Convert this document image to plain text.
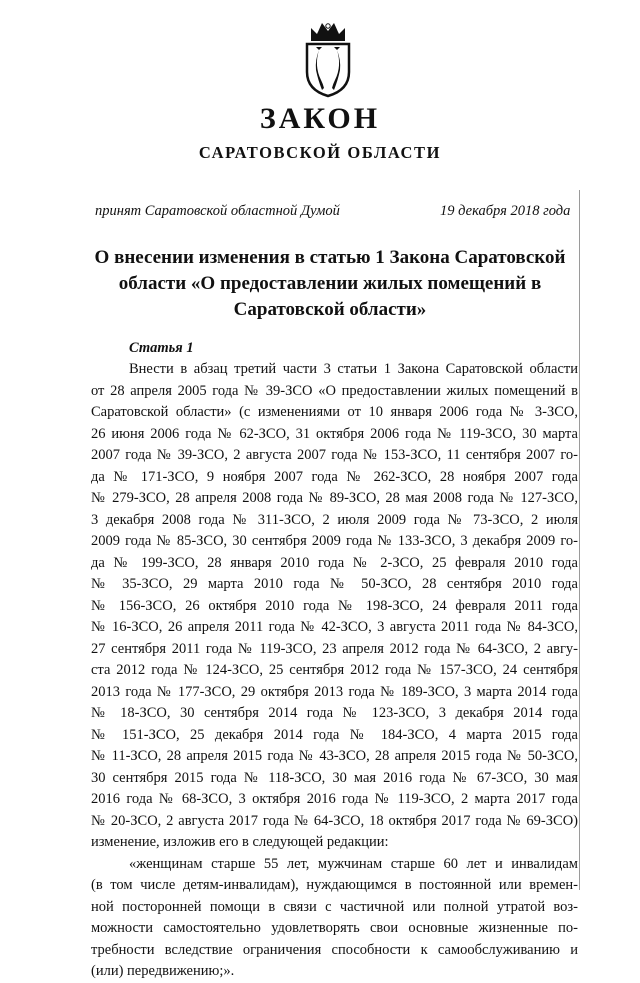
ЗАКОН
САРАТОВСКОЙ ОБЛАСТИ
принят Саратовской областной Думой	19 декабря 2018 года
О внесении изменения в статью 1 Закона Саратовской
области «О предоставлении жилых помещений в
Саратовской области»
Статья 1
Внести в абзац третий части 3 статьи 1 Закона Саратовской области
от 28 апреля 2005 года № 39-ЗСО «О предоставлении жилых помещений в
Саратовской области» (с изменениями от 10 января 2006 года № 3-ЗСО,
26 июня 2006 года № 62-ЗСО, 31 октября 2006 года № 119-ЗСО, 30 марта
2007 года № 39-ЗСО, 2 августа 2007 года № 153-ЗСО, 11 сентября 2007 го-
да № 171-ЗСО, 9 ноября 2007 года № 262-ЗСО, 28 ноября 2007 года
№ 279-ЗСО, 28 апреля 2008 года № 89-ЗСО, 28 мая 2008 года № 127-ЗСО,
3 декабря 2008 года № 311-ЗСО, 2 июля 2009 года № 73-ЗСО, 2 июля
2009 года № 85-ЗСО, 30 сентября 2009 года № 133-ЗСО, 3 декабря 2009 го-
да № 199-ЗСО, 28 января 2010 года № 2-ЗСО, 25 февраля 2010 года
№ 35-ЗСО, 29 марта 2010 года № 50-ЗСО, 28 сентября 2010 года
№ 156-ЗСО, 26 октября 2010 года № 198-ЗСО, 24 февраля 2011 года
№ 16-ЗСО, 26 апреля 2011 года № 42-ЗСО, 3 августа 2011 года № 84-ЗСО,
27 сентября 2011 года № 119-ЗСО, 23 апреля 2012 года № 64-ЗСО, 2 авгу-
ста 2012 года № 124-ЗСО, 25 сентября 2012 года № 157-ЗСО, 24 сентября
2013 года № 177-ЗСО, 29 октября 2013 года № 189-ЗСО, 3 марта 2014 года
№ 18-ЗСО, 30 сентября 2014 года № 123-ЗСО, 3 декабря 2014 года
№ 151-ЗСО, 25 декабря 2014 года № 184-ЗСО, 4 марта 2015 года
№ 11-ЗСО, 28 апреля 2015 года № 43-ЗСО, 28 апреля 2015 года № 50-ЗСО,
30 сентября 2015 года № 118-ЗСО, 30 мая 2016 года № 67-ЗСО, 30 мая
2016 года № 68-ЗСО, 3 октября 2016 года № 119-ЗСО, 2 марта 2017 года
№ 20-ЗСО, 2 августа 2017 года № 64-ЗСО, 18 октября 2017 года № 69-ЗСО)
изменение, изложив его в следующей редакции:
«женщинам старше 55 лет, мужчинам старше 60 лет и инвалидам
(в том числе детям-инвалидам), нуждающимся в постоянной или времен-
ной посторонней помощи в связи с частичной или полной утратой воз-
можности самостоятельно удовлетворять свои основные жизненные по-
требности вследствие ограничения способности к самообслуживанию и
(или) передвижению;».
